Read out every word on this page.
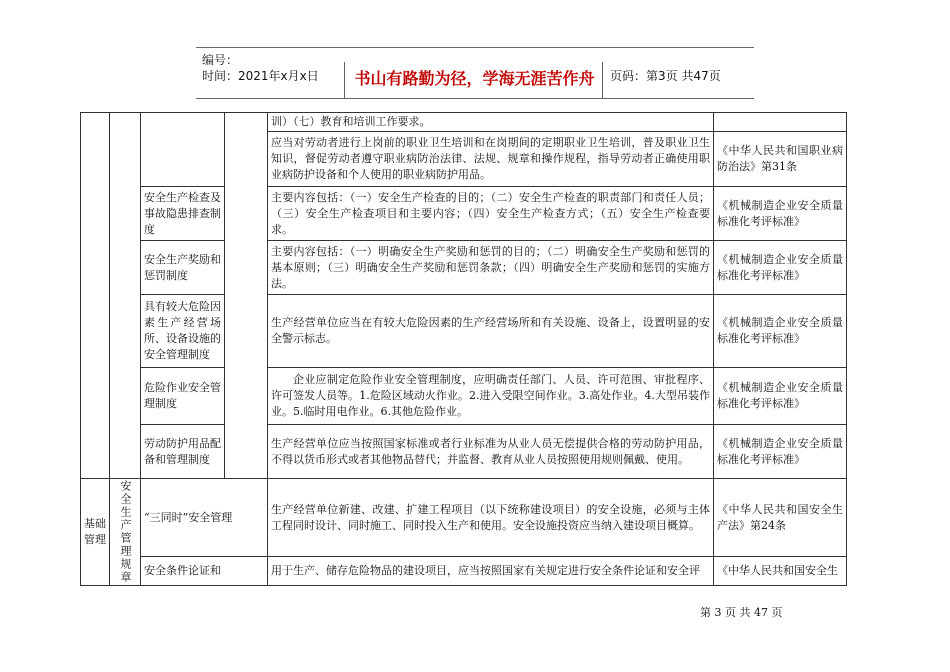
编号：
时间：2021年x月x日 书山有路勤为径，学海无涯苦作舟 页码：第3页 共47页
				训）（七）教育和培训工作要求。	
				应当对劳动者进行上岗前的职业卫生培训和在岗期间的定期职业卫生培训，普及职业卫生知识，督促劳动者遵守职业病防治法律、法规、规章和操作规程，指导劳动者正确使用职业病防护设备和个人使用的职业病防护用品。	《中华人民共和国职业病防治法》第31条
		安全生产检查及事故隐患排查制度		主要内容包括：（一）安全生产检查的目的；（二）安全生产检查的职责部门和责任人员；（三）安全生产检查项目和主要内容；（四）安全生产检查方式；（五）安全生产检查要求。	《机械制造企业安全质量标准化考评标准》
		安全生产奖励和惩罚制度		主要内容包括：（一）明确安全生产奖励和惩罚的目的；（二）明确安全生产奖励和惩罚的基本原则；（三）明确安全生产奖励和惩罚条款；（四）明确安全生产奖励和惩罚的实施方法。	《机械制造企业安全质量标准化考评标准》
		具有较大危险因素生产经营场所、设备设施的安全管理制度		生产经营单位应当在有较大危险因素的生产经营场所和有关设施、设备上，设置明显的安全警示标志。	《机械制造企业安全质量标准化考评标准》
		危险作业安全管理制度		企业应制定危险作业安全管理制度，应明确责任部门、人员、许可范围、审批程序、许可签发人员等。1.危险区域动火作业。2.进入受限空间作业。3.高处作业。4.大型吊装作业。5.临时用电作业。6.其他危险作业。	《机械制造企业安全质量标准化考评标准》
		劳动防护用品配备和管理制度		生产经营单位应当按照国家标准或者行业标准为从业人员无偿提供合格的劳动防护用品，不得以货币形式或者其他物品替代；并监督、教育从业人员按照使用规则佩戴、使用。	《机械制造企业安全质量标准化考评标准》
基础管理	安全生产管理规章	“三同时”安全管理		生产经营单位新建、改建、扩建工程项目（以下统称建设项目）的安全设施，必须与主体工程同时设计、同时施工、同时投入生产和使用。安全设施投资应当纳入建设项目概算。	《中华人民共和国安全生产法》第24条
		安全条件论证和		用于生产、储存危险物品的建设项目，应当按照国家有关规定进行安全条件论证和安全评	《中华人民共和国安全生
第 3 页 共 47 页
